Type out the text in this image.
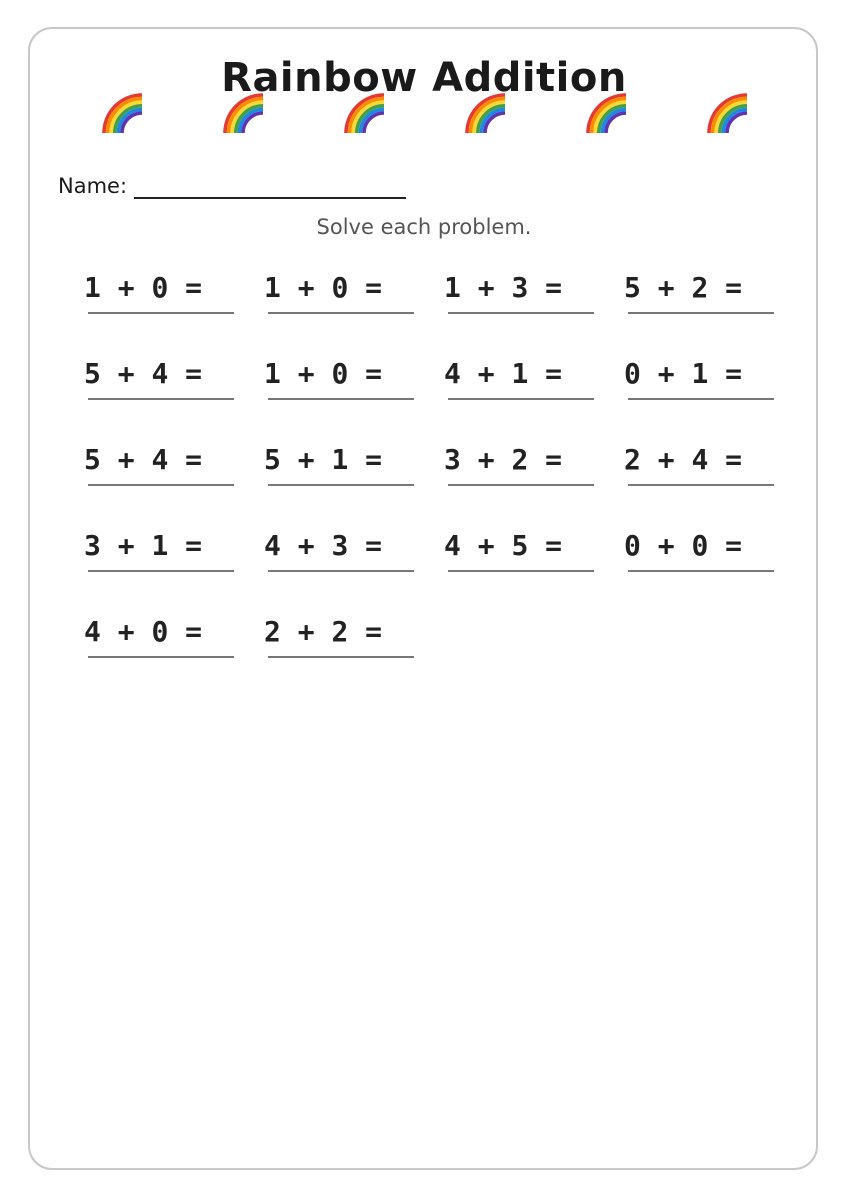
Rainbow Addition
Name:
Solve each problem.
1 + 0 = 1 + 0 = 1 + 3 = 5 + 2 =
5 + 4 = 1 + 0 = 4 + 1 = 0 + 1 =
5 + 4 = 5 + 1 = 3 + 2 = 2 + 4 =
3 + 1 = 4 + 3 = 4 + 5 = 0 + 0 =
4 + 0 = 2 + 2 =
